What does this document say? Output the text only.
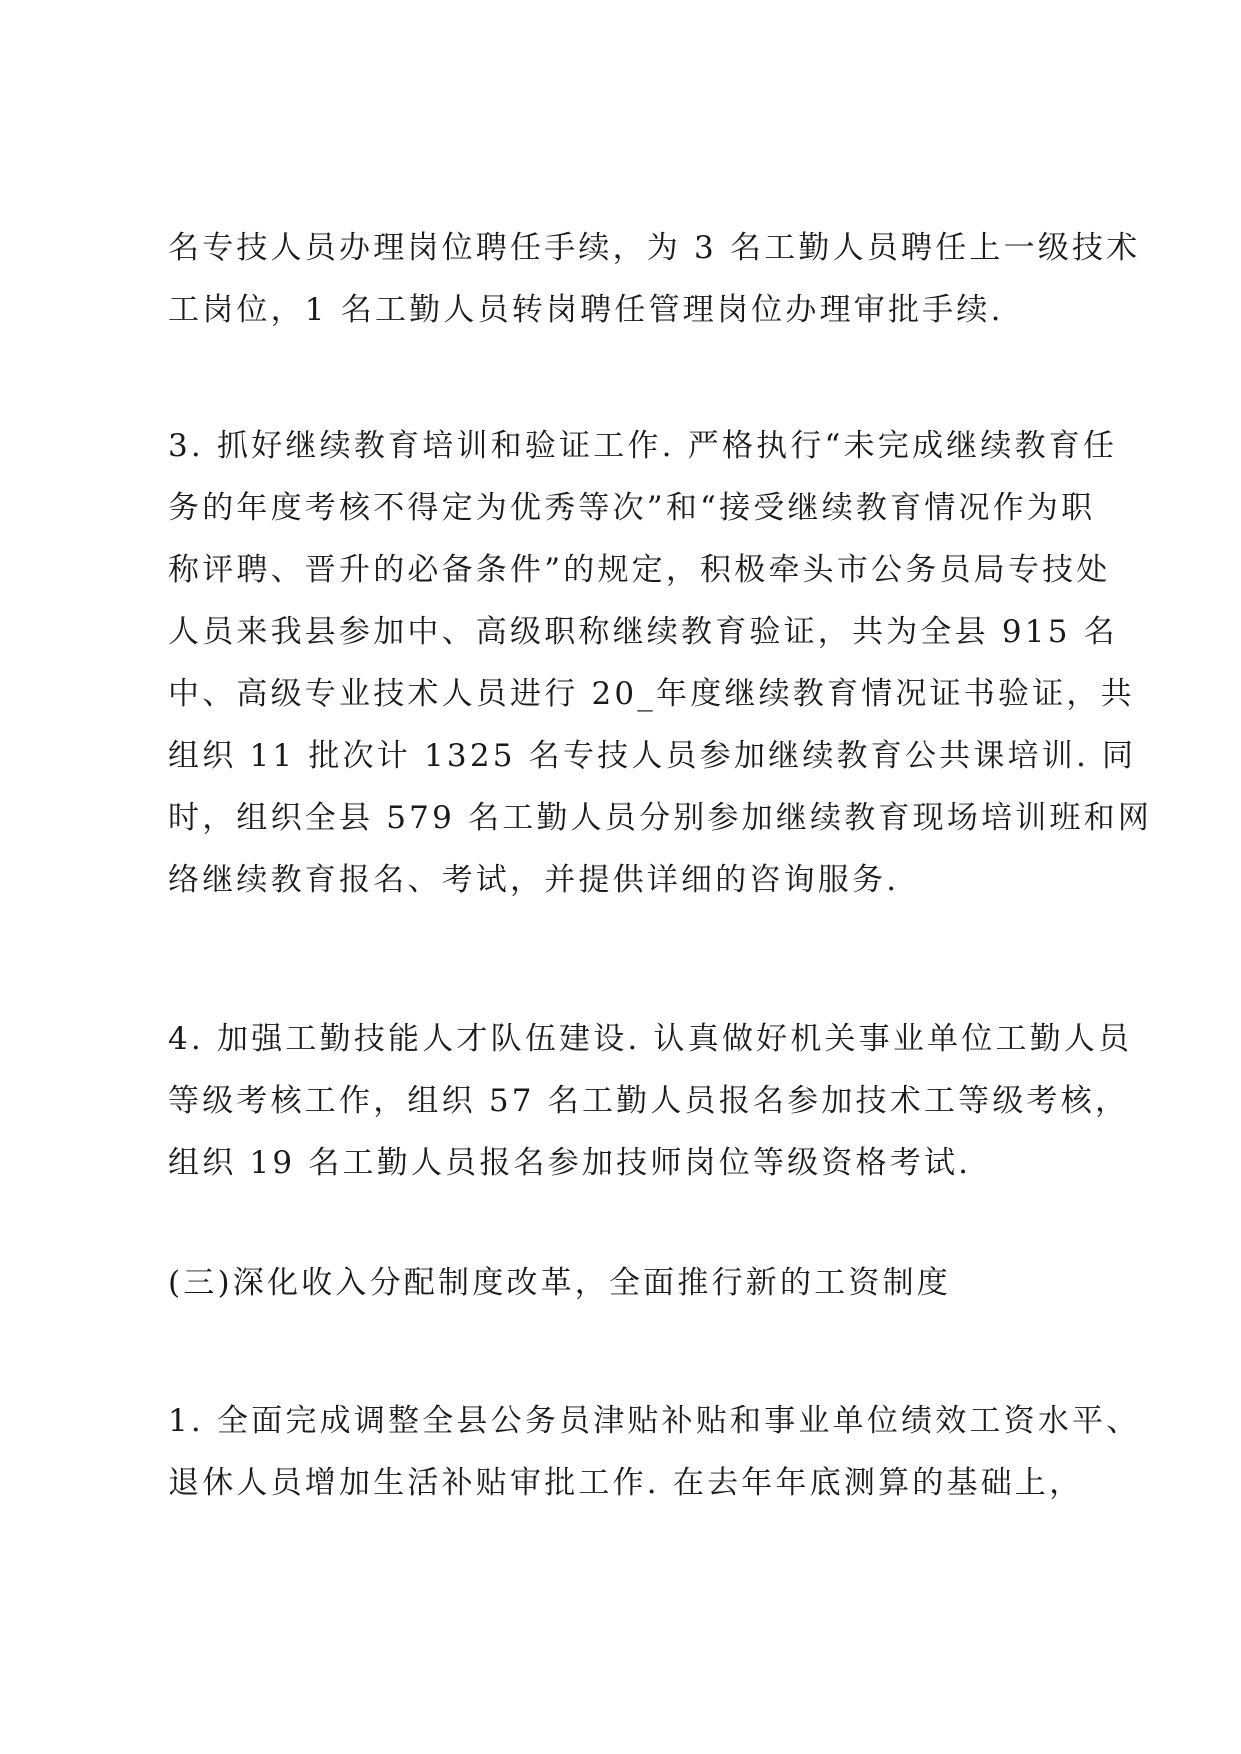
名专技人员办理岗位聘任手续，为 3 名工勤人员聘任上一级技术
工岗位，1 名工勤人员转岗聘任管理岗位办理审批手续.
3. 抓好继续教育培训和验证工作. 严格执行“未完成继续教育任
务的年度考核不得定为优秀等次”和“接受继续教育情况作为职
称评聘、晋升的必备条件”的规定，积极牵头市公务员局专技处
人员来我县参加中、高级职称继续教育验证，共为全县 915 名
中、高级专业技术人员进行 20_年度继续教育情况证书验证，共
组织 11 批次计 1325 名专技人员参加继续教育公共课培训. 同
时，组织全县 579 名工勤人员分别参加继续教育现场培训班和网
络继续教育报名、考试，并提供详细的咨询服务.
4. 加强工勤技能人才队伍建设. 认真做好机关事业单位工勤人员
等级考核工作，组织 57 名工勤人员报名参加技术工等级考核，
组织 19 名工勤人员报名参加技师岗位等级资格考试.
(三)深化收入分配制度改革，全面推行新的工资制度
1. 全面完成调整全县公务员津贴补贴和事业单位绩效工资水平、
退休人员增加生活补贴审批工作. 在去年年底测算的基础上，
